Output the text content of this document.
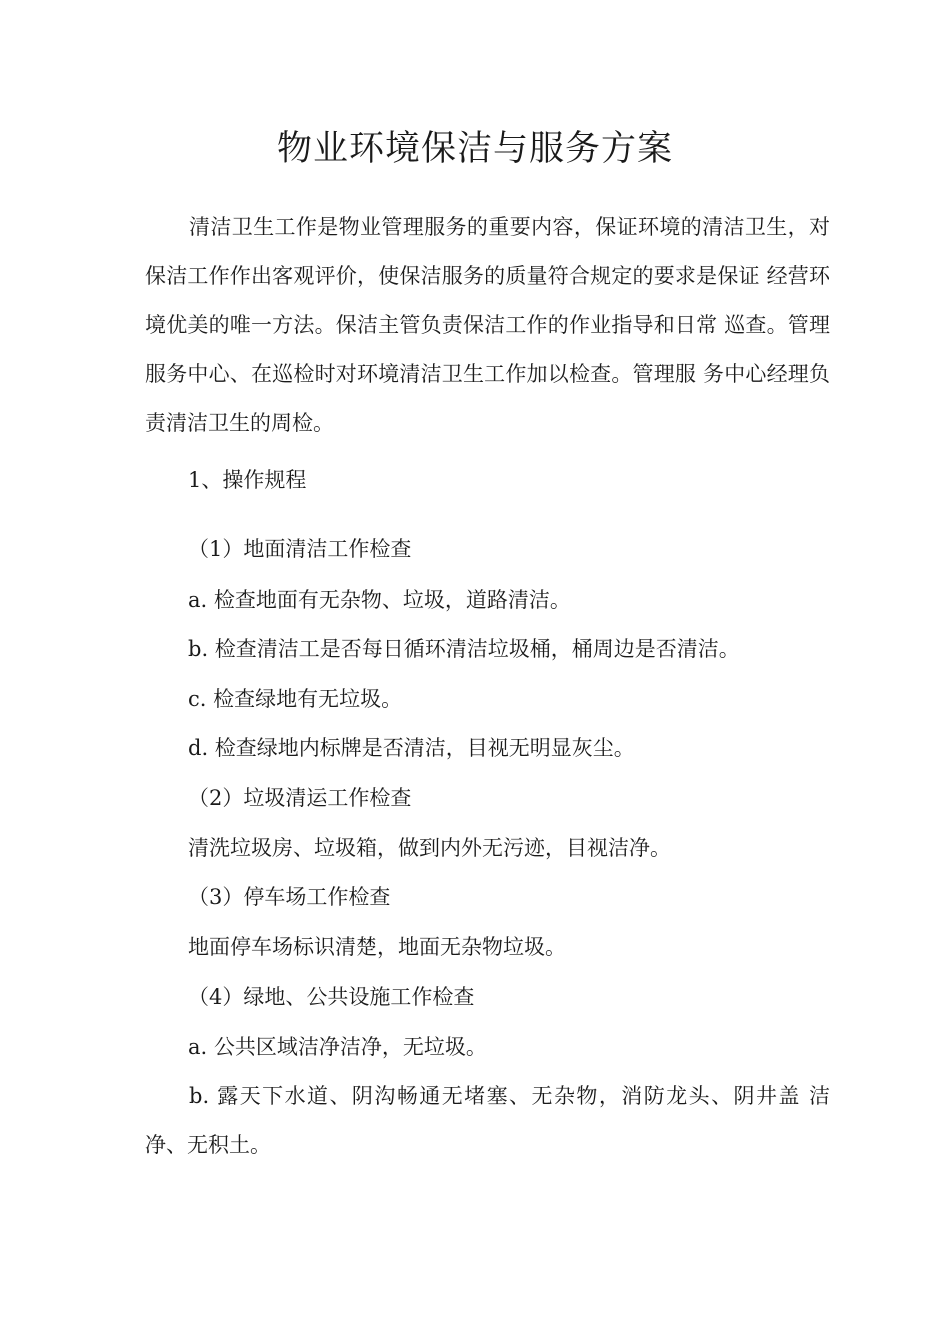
物业环境保洁与服务方案

清洁卫生工作是物业管理服务的重要内容，保证环境的清洁卫生，对保洁工作作出客观评价，使保洁服务的质量符合规定的要求是保证 经营环境优美的唯一方法。保洁主管负责保洁工作的作业指导和日常 巡查。管理服务中心、在巡检时对环境清洁卫生工作加以检查。管理服 务中心经理负责清洁卫生的周检。

1、操作规程

（1）地面清洁工作检查

a. 检查地面有无杂物、垃圾，道路清洁。

b. 检查清洁工是否每日循环清洁垃圾桶，桶周边是否清洁。

c. 检查绿地有无垃圾。

d. 检查绿地内标牌是否清洁，目视无明显灰尘。

（2）垃圾清运工作检查

清洗垃圾房、垃圾箱，做到内外无污迹，目视洁净。

（3）停车场工作检查

地面停车场标识清楚，地面无杂物垃圾。

（4）绿地、公共设施工作检查

a. 公共区域洁净洁净，无垃圾。

b. 露天下水道、阴沟畅通无堵塞、无杂物，消防龙头、阴井盖 洁净、无积土。
